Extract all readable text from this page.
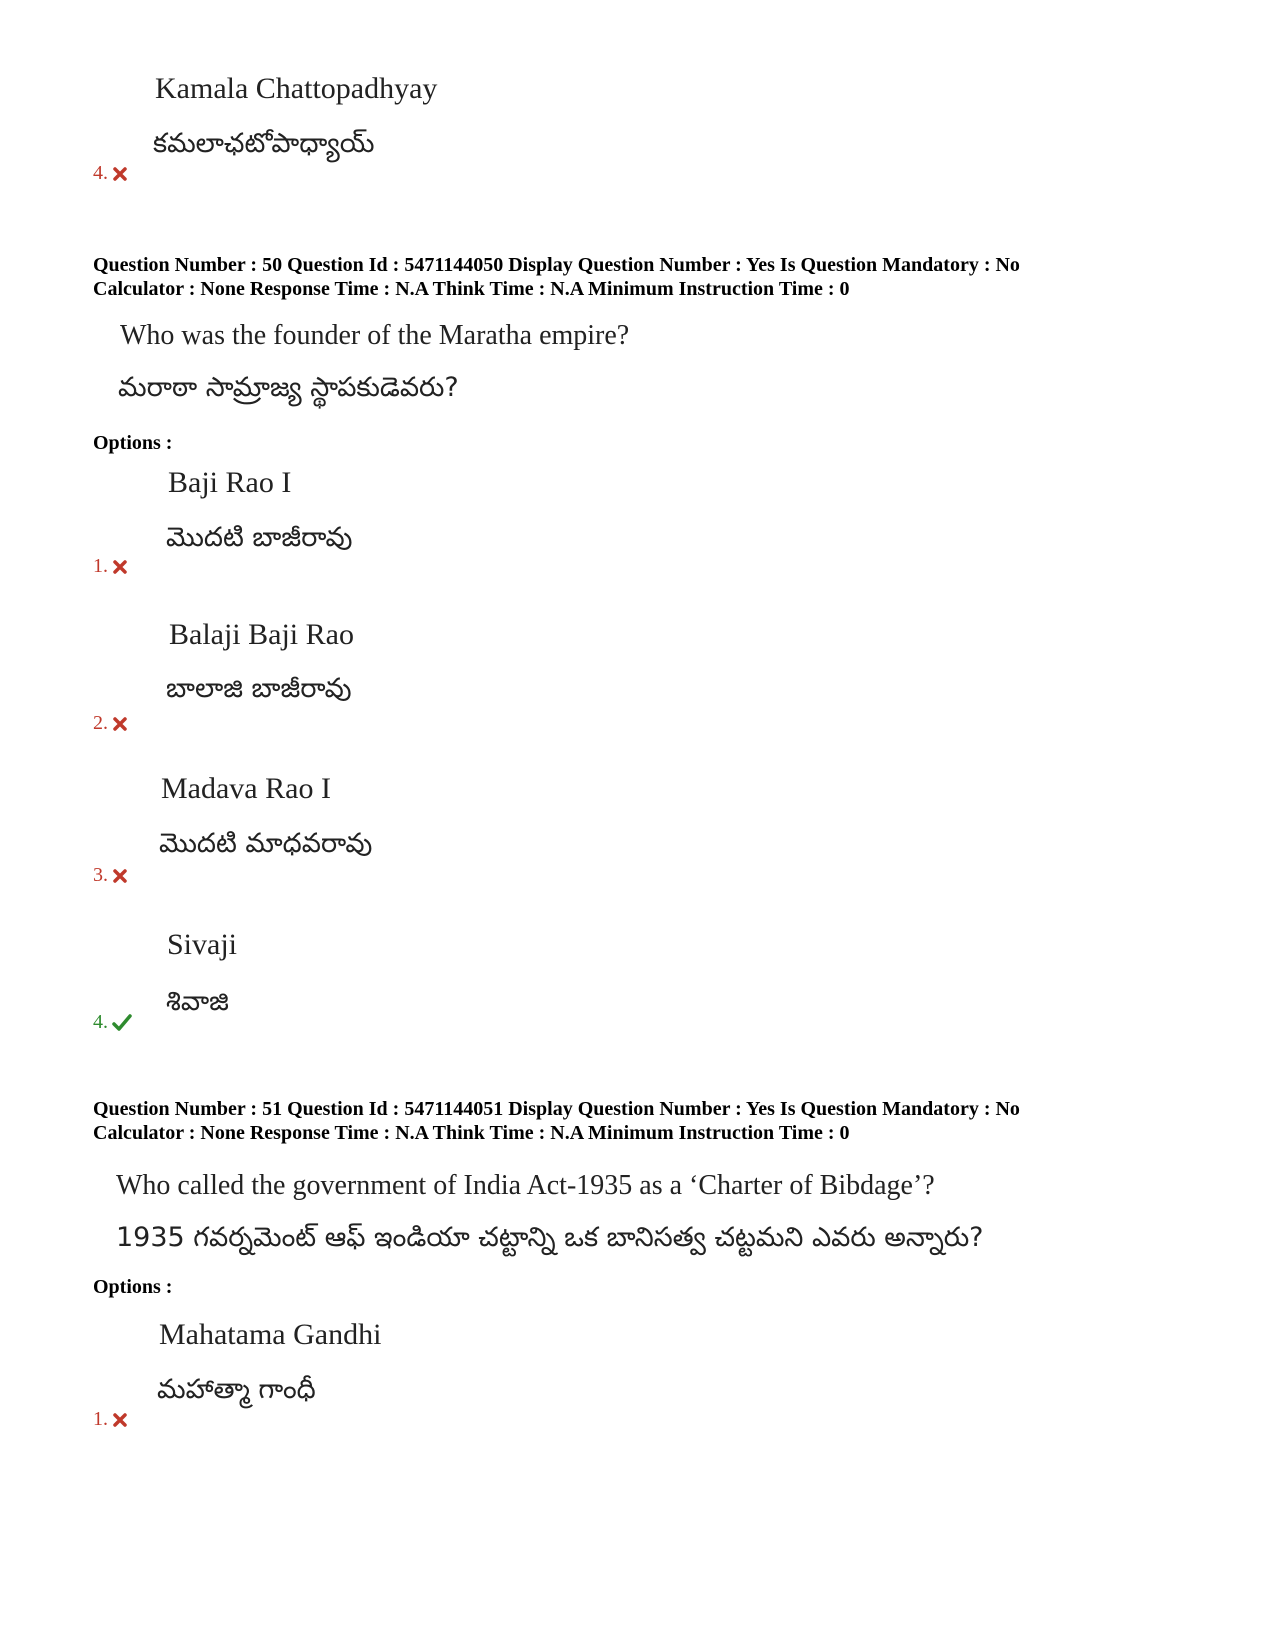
Kamala Chattopadhyay
కమలాఛటోపాధ్యాయ్
4.
Question Number : 50 Question Id : 5471144050 Display Question Number : Yes Is Question Mandatory : No
Calculator : None Response Time : N.A Think Time : N.A Minimum Instruction Time : 0
Who was the founder of the Maratha empire?
మరాఠా సామ్రాజ్య స్థాపకుడెవరు?
Options :
Baji Rao I
మొదటి బాజీరావు
1.
Balaji Baji Rao
బాలాజి బాజీరావు
2.
Madava Rao I
మొదటి మాధవరావు
3.
Sivaji
శివాజి
4.
Question Number : 51 Question Id : 5471144051 Display Question Number : Yes Is Question Mandatory : No
Calculator : None Response Time : N.A Think Time : N.A Minimum Instruction Time : 0
Who called the government of India Act-1935 as a ‘Charter of Bibdage’?
1935 గవర్నమెంట్ ఆఫ్ ఇండియా చట్టాన్ని ఒక బానిసత్వ చట్టమని ఎవరు అన్నారు?
Options :
Mahatama Gandhi
మహాత్మా గాంధీ
1.
